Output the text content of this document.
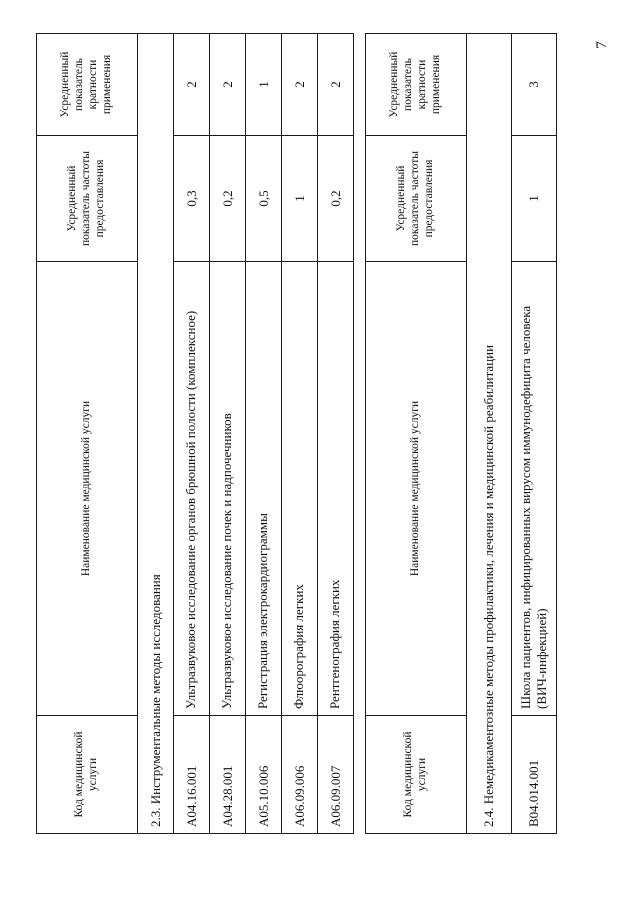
7
2.3. Инструментальные методы исследования			
Код медицинской услуги	Наименование медицинской услуги	Усредненный показатель частоты предоставления	Усредненный показатель кратности применения
A04.16.001	Ультразвуковое исследование органов брюшной полости (комплексное)	0,3	2
A04.28.001	Ультразвуковое исследование почек и надпочечников	0,2	2
A05.10.006	Регистрация электрокардиограммы	0,5	1
A06.09.006	Флюорография легких	1	2
A06.09.007	Рентгенография легких	0,2	2
2.4. Немедикаментозные методы профилактики, лечения и медицинской реабилитации			
Код медицинской услуги	Наименование медицинской услуги	Усредненный показатель частоты предоставления	Усредненный показатель кратности применения
B04.014.001	Школа пациентов, инфицированных вирусом иммунодефицита человека (ВИЧ-инфекцией)	1	3
